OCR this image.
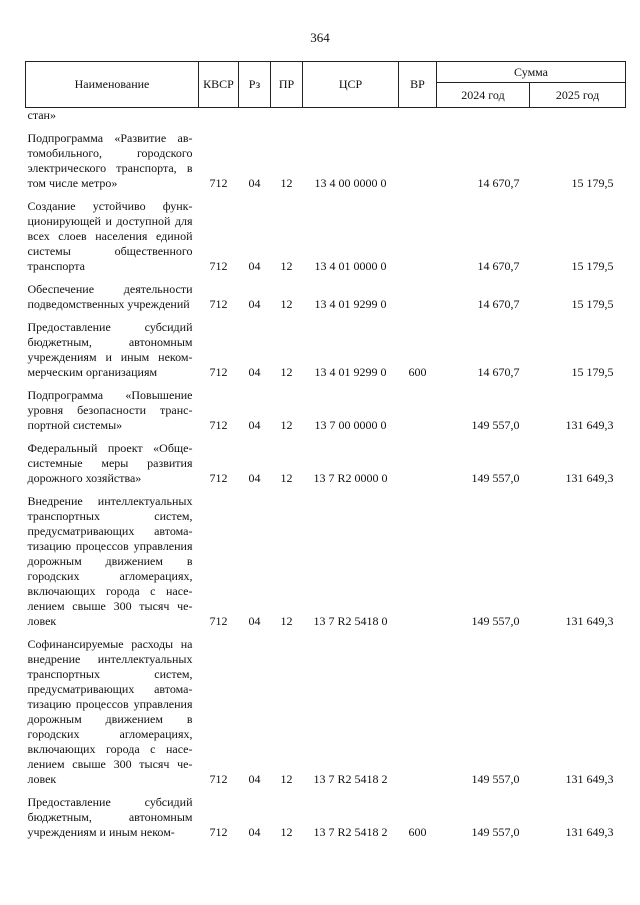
364
Наименование	КВСР	Рз	ПР	ЦСР	ВР	Сумма	
						2024 год	2025 год
стан»							
Подпрограмма «Развитие автомобильного, городского электрического транспорта, в том числе метро»	712	04	12	13 4 00 0000 0		14 670,7	15 179,5
Создание устойчиво функционирующей и доступной для всех слоев населения единой системы общественного транспорта	712	04	12	13 4 01 0000 0		14 670,7	15 179,5
Обеспечение деятельности подведомственных учреждений	712	04	12	13 4 01 9299 0		14 670,7	15 179,5
Предоставление субсидий бюджетным, автономным учреждениям и иным некоммерческим организациям	712	04	12	13 4 01 9299 0	600	14 670,7	15 179,5
Подпрограмма «Повышение уровня безопасности транспортной системы»	712	04	12	13 7 00 0000 0		149 557,0	131 649,3
Федеральный проект «Общесистемные меры развития дорожного хозяйства»	712	04	12	13 7 R2 0000 0		149 557,0	131 649,3
Внедрение интеллектуальных транспортных систем, предусматривающих автоматизацию процессов управления дорожным движением в городских агломерациях, включающих города с населением свыше 300 тысяч человек	712	04	12	13 7 R2 5418 0		149 557,0	131 649,3
Софинансируемые расходы на внедрение интеллектуальных транспортных систем, предусматривающих автоматизацию процессов управления дорожным движением в городских агломерациях, включающих города с населением свыше 300 тысяч человек	712	04	12	13 7 R2 5418 2		149 557,0	131 649,3
Предоставление субсидий бюджетным, автономным учреждениям и иным неком-	712	04	12	13 7 R2 5418 2	600	149 557,0	131 649,3
